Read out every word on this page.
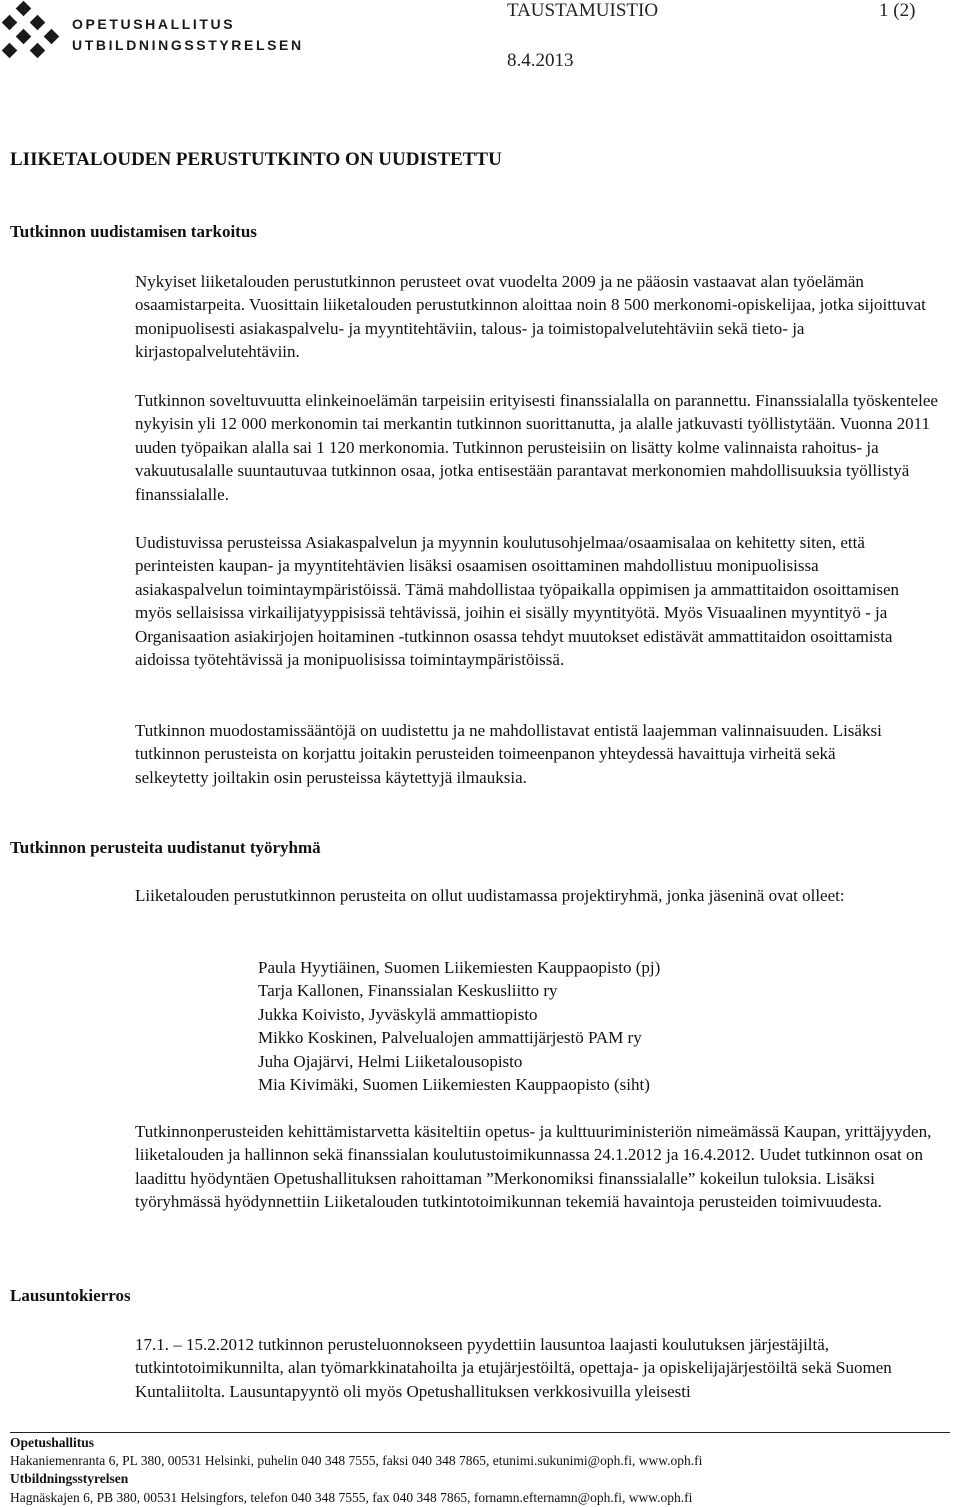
OPETUSHALLITUS
UTBILDNINGSSTYRELSEN
TAUSTAMUISTIO	1 (2)
8.4.2013
LIIKETALOUDEN PERUSTUTKINTO ON UUDISTETTU
Tutkinnon uudistamisen tarkoitus

Nykyiset liiketalouden perustutkinnon perusteet ovat vuodelta 2009 ja ne pääosin vastaavat alan työelämän osaamistarpeita. Vuosittain liiketalouden perustutkinnon aloittaa noin 8 500 merkonomi-opiskelijaa, jotka sijoittuvat monipuolisesti asiakaspalvelu- ja myyntitehtäviin, talous- ja toimistopalvelutehtäviin sekä tieto- ja kirjastopalvelutehtäviin.

Tutkinnon soveltuvuutta elinkeinoelämän tarpeisiin erityisesti finanssialalla on parannettu. Finanssialalla työskentelee nykyisin yli 12 000 merkonomin tai merkantin tutkinnon suorittanutta, ja alalle jatkuvasti työllistytään. Vuonna 2011 uuden työpaikan alalla sai 1 120 merkonomia. Tutkinnon perusteisiin on lisätty kolme valinnaista rahoitus- ja vakuutusalalle suuntautuvaa tutkinnon osaa, jotka entisestään parantavat merkonomien mahdollisuuksia työllistyä finanssialalle.

Uudistuvissa perusteissa Asiakaspalvelun ja myynnin koulutusohjelmaa/osaamisalaa on kehitetty siten, että perinteisten kaupan- ja myyntitehtävien lisäksi osaamisen osoittaminen mahdollistuu monipuolisissa asiakaspalvelun toimintaympäristöissä. Tämä mahdollistaa työpaikalla oppimisen ja ammattitaidon osoittamisen myös sellaisissa virkailijatyyppisissä tehtävissä, joihin ei sisälly myyntityötä. Myös Visuaalinen myyntityö - ja Organisaation asiakirjojen hoitaminen -tutkinnon osassa tehdyt muutokset edistävät ammattitaidon osoittamista aidoissa työtehtävissä ja monipuolisissa toimintaympäristöissä.

Tutkinnon muodostamissääntöjä on uudistettu ja ne mahdollistavat entistä laajemman valinnaisuuden. Lisäksi tutkinnon perusteista on korjattu joitakin perusteiden toimeenpanon yhteydessä havaittuja virheitä sekä selkeytetty joiltakin osin perusteissa käytettyjä ilmauksia.

Tutkinnon perusteita uudistanut työryhmä

Liiketalouden perustutkinnon perusteita on ollut uudistamassa projektiryhmä, jonka jäseninä ovat olleet:

Paula Hyytiäinen, Suomen Liikemiesten Kauppaopisto (pj)
Tarja Kallonen, Finanssialan Keskusliitto ry
Jukka Koivisto, Jyväskylä ammattiopisto
Mikko Koskinen, Palvelualojen ammattijärjestö PAM ry
Juha Ojajärvi, Helmi Liiketalousopisto
Mia Kivimäki, Suomen Liikemiesten Kauppaopisto (siht)

Tutkinnonperusteiden kehittämistarvetta käsiteltiin opetus- ja kulttuuriministeriön nimeämässä Kaupan, yrittäjyyden, liiketalouden ja hallinnon sekä finanssialan koulutustoimikunnassa 24.1.2012 ja 16.4.2012. Uudet tutkinnon osat on laadittu hyödyntäen Opetushallituksen rahoittaman ”Merkonomiksi finanssialalle” kokeilun tuloksia. Lisäksi työryhmässä hyödynnettiin Liiketalouden tutkintotoimikunnan tekemiä havaintoja perusteiden toimivuudesta.

Lausuntokierros

17.1. – 15.2.2012 tutkinnon perusteluonnokseen pyydettiin lausuntoa laajasti koulutuksen järjestäjiltä, tutkintotoimikunnilta, alan työmarkkinatahoilta ja etujärjestöiltä, opettaja- ja opiskelijajärjestöiltä sekä Suomen Kuntaliitolta. Lausuntapyyntö oli myös Opetushallituksen verkkosivuilla yleisesti

Opetushallitus
Hakaniemenranta 6, PL 380, 00531 Helsinki, puhelin 040 348 7555, faksi 040 348 7865, etunimi.sukunimi@oph.fi, www.oph.fi
Utbildningsstyrelsen
Hagnäskajen 6, PB 380, 00531 Helsingfors, telefon 040 348 7555, fax 040 348 7865, fornamn.efternamn@oph.fi, www.oph.fi
